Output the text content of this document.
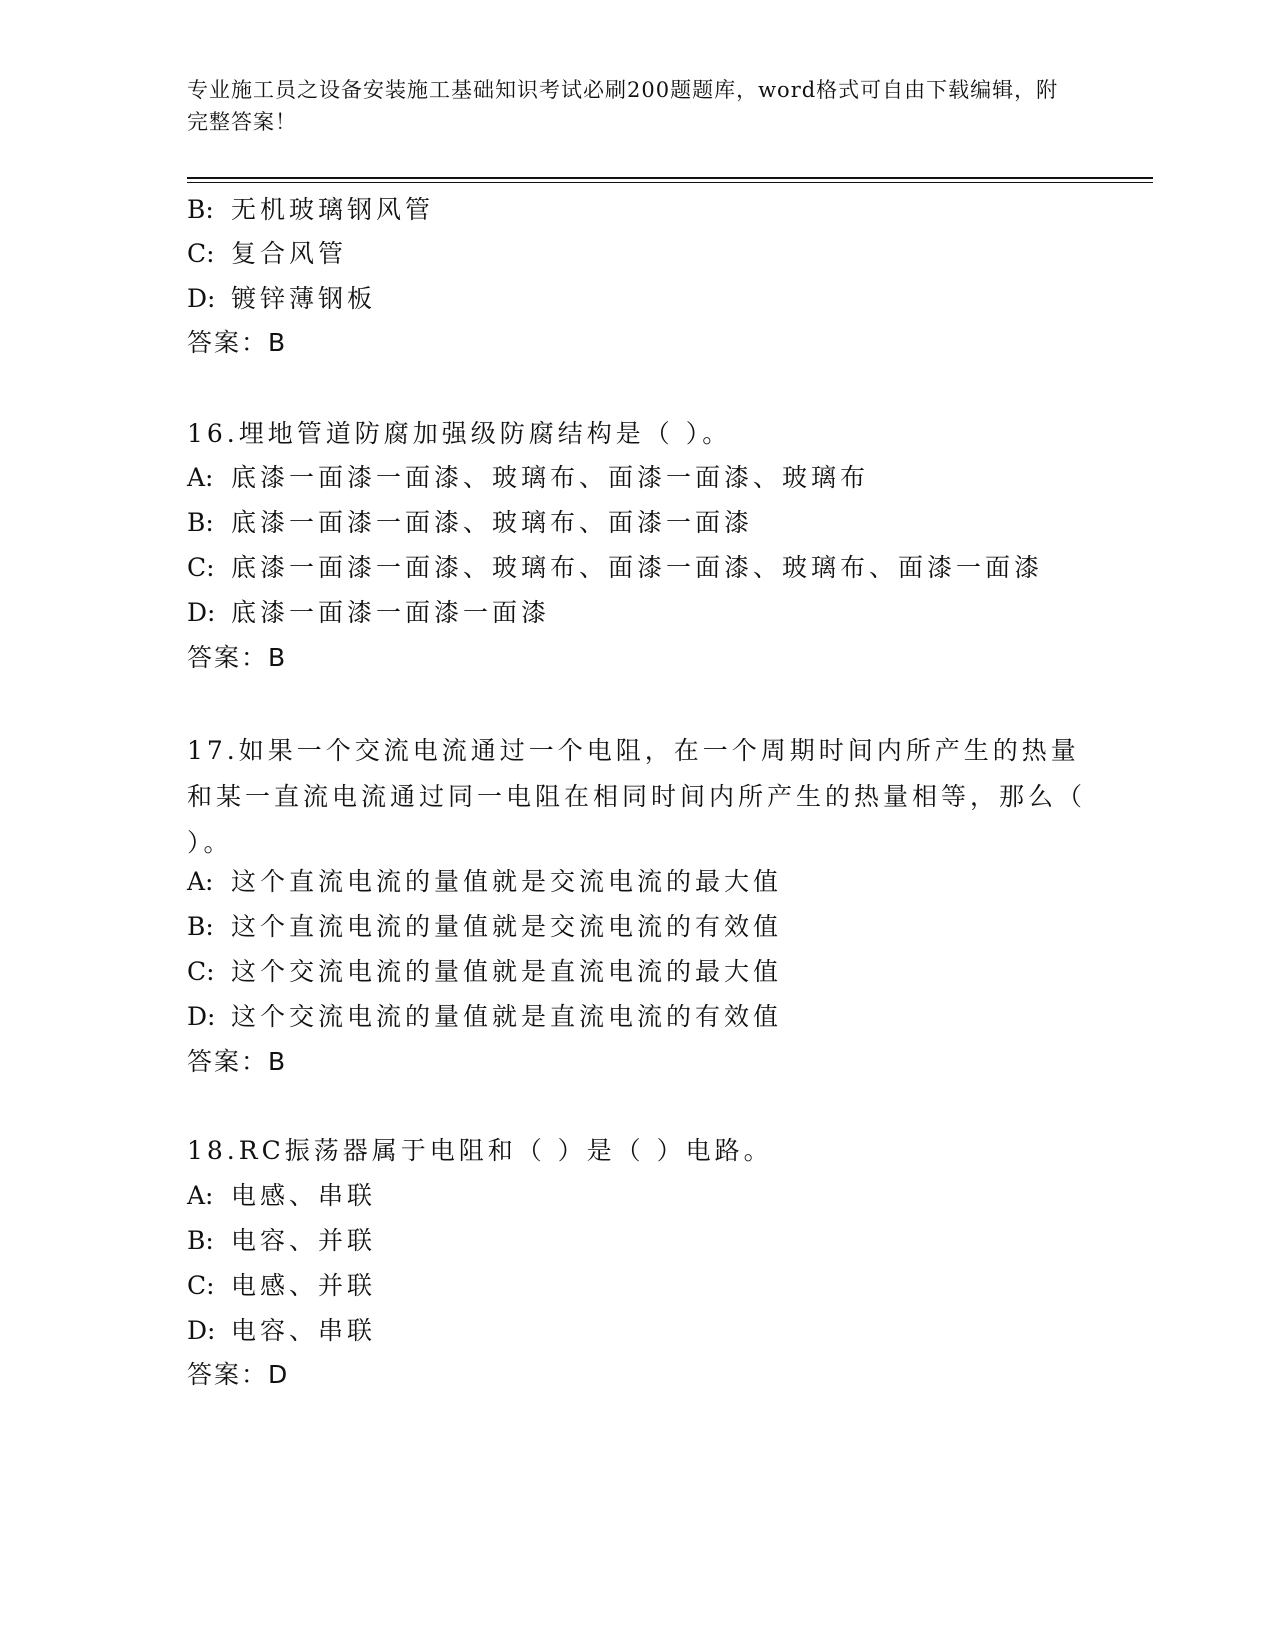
专业施工员之设备安装施工基础知识考试必刷200题题库，word格式可自由下载编辑，附完整答案！
B: 无机玻璃钢风管
C: 复合风管
D: 镀锌薄钢板
答案：B
16.埋地管道防腐加强级防腐结构是（ ）。
A: 底漆一面漆一面漆、玻璃布、面漆一面漆、玻璃布
B: 底漆一面漆一面漆、玻璃布、面漆一面漆
C: 底漆一面漆一面漆、玻璃布、面漆一面漆、玻璃布、面漆一面漆
D: 底漆一面漆一面漆一面漆
答案：B
17.如果一个交流电流通过一个电阻，在一个周期时间内所产生的热量和某一直流电流通过同一电阻在相同时间内所产生的热量相等，那么（ ）。
A: 这个直流电流的量值就是交流电流的最大值
B: 这个直流电流的量值就是交流电流的有效值
C: 这个交流电流的量值就是直流电流的最大值
D: 这个交流电流的量值就是直流电流的有效值
答案：B
18.RC振荡器属于电阻和（ ）是（ ）电路。
A: 电感、串联
B: 电容、并联
C: 电感、并联
D: 电容、串联
答案：D
